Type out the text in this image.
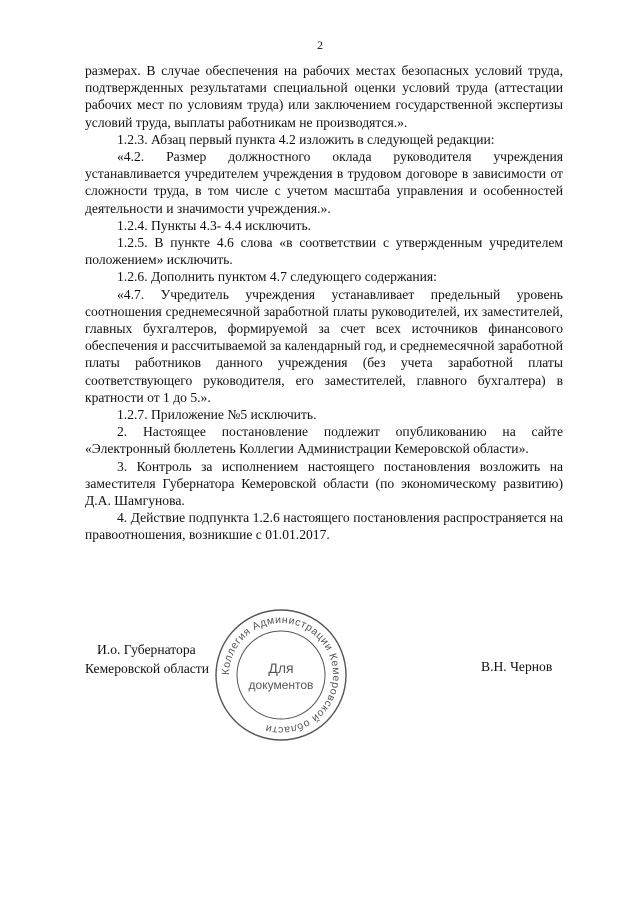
2

размерах. В случае обеспечения на рабочих местах безопасных условий труда, подтвержденных результатами специальной оценки условий труда (аттестации рабочих мест по условиям труда) или заключением государственной экспертизы условий труда, выплаты работникам не производятся.».

1.2.3. Абзац первый пункта 4.2 изложить в следующей редакции:

«4.2. Размер должностного оклада руководителя учреждения устанавливается учредителем учреждения в трудовом договоре в зависимости от сложности труда, в том числе с учетом масштаба управления и особенностей деятельности и значимости учреждения.».

1.2.4. Пункты 4.3- 4.4 исключить.

1.2.5. В пункте 4.6 слова «в соответствии с утвержденным учредителем положением» исключить.

1.2.6. Дополнить пунктом 4.7 следующего содержания:

«4.7. Учредитель учреждения устанавливает предельный уровень соотношения среднемесячной заработной платы руководителей, их заместителей, главных бухгалтеров, формируемой за счет всех источников финансового обеспечения и рассчитываемой за календарный год, и среднемесячной заработной платы работников данного учреждения (без учета заработной платы соответствующего руководителя, его заместителей, главного бухгалтера) в кратности от 1 до 5.».

1.2.7. Приложение №5 исключить.

2. Настоящее постановление подлежит опубликованию на сайте «Электронный бюллетень Коллегии Администрации Кемеровской области».

3. Контроль за исполнением настоящего постановления возложить на заместителя Губернатора Кемеровской области (по экономическому развитию) Д.А. Шамгунова.

4. Действие подпункта 1.2.6 настоящего постановления распространяется на правоотношения, возникшие с 01.01.2017.

И.о. Губернатора
Кемеровской области	В.Н. Чернов
Коллегия Администрации Кемеровской области
Для
документов
